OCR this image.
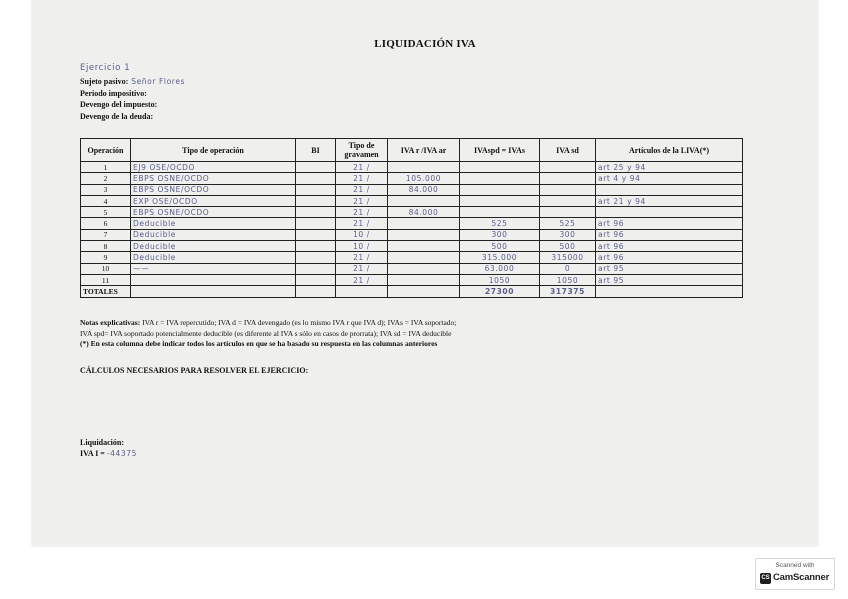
LIQUIDACIÓN IVA
Ejercicio 1
Sujeto pasivo: Señor Flores
Periodo impositivo:
Devengo del impuesto:
Devengo de la deuda:
Operación	Tipo de operación	BI	Tipo de gravamen	IVA r /IVA ar	IVAspd = IVAs	IVA sd	Artículos de la LIVA(*)
1	EJ9 OSE/OCDO		21 /				art 25 y 94
2	EBPS OSNE/OCDO		21 /	105.000			art 4 y 94
3	EBPS OSNE/OCDO		21 /	84.000			
4	EXP OSE/OCDO		21 /				art 21 y 94
5	EBPS OSNE/OCDO		21 /	84.000			
6	Deducible		21 /		525	525	art 96
7	Deducible		10 /		300	300	art 96
8	Deducible		10 /		500	500	art 96
9	Deducible		21 /		315.000	315000	art 96
10	——		21 /		63.000	0	art 95
11			21 /		1050	1050	art 95
TOTALES					27300	317375	
Notas explicativas: IVA r = IVA repercutido; IVA d = IVA devengado (es lo mismo IVA r que IVA d); IVAs = IVA soportado;
IVA spd= IVA soportado potencialmente deducible (es diferente al IVA s sólo en casos de prorrata); IVA sd = IVA deducible
(*) En esta columna debe indicar todos los artículos en que se ha basado su respuesta en las columnas anteriores
CÁLCULOS NECESARIOS PARA RESOLVER EL EJERCICIO:
Liquidación:
IVA I = -44375
Scanned with
CS CamScanner
